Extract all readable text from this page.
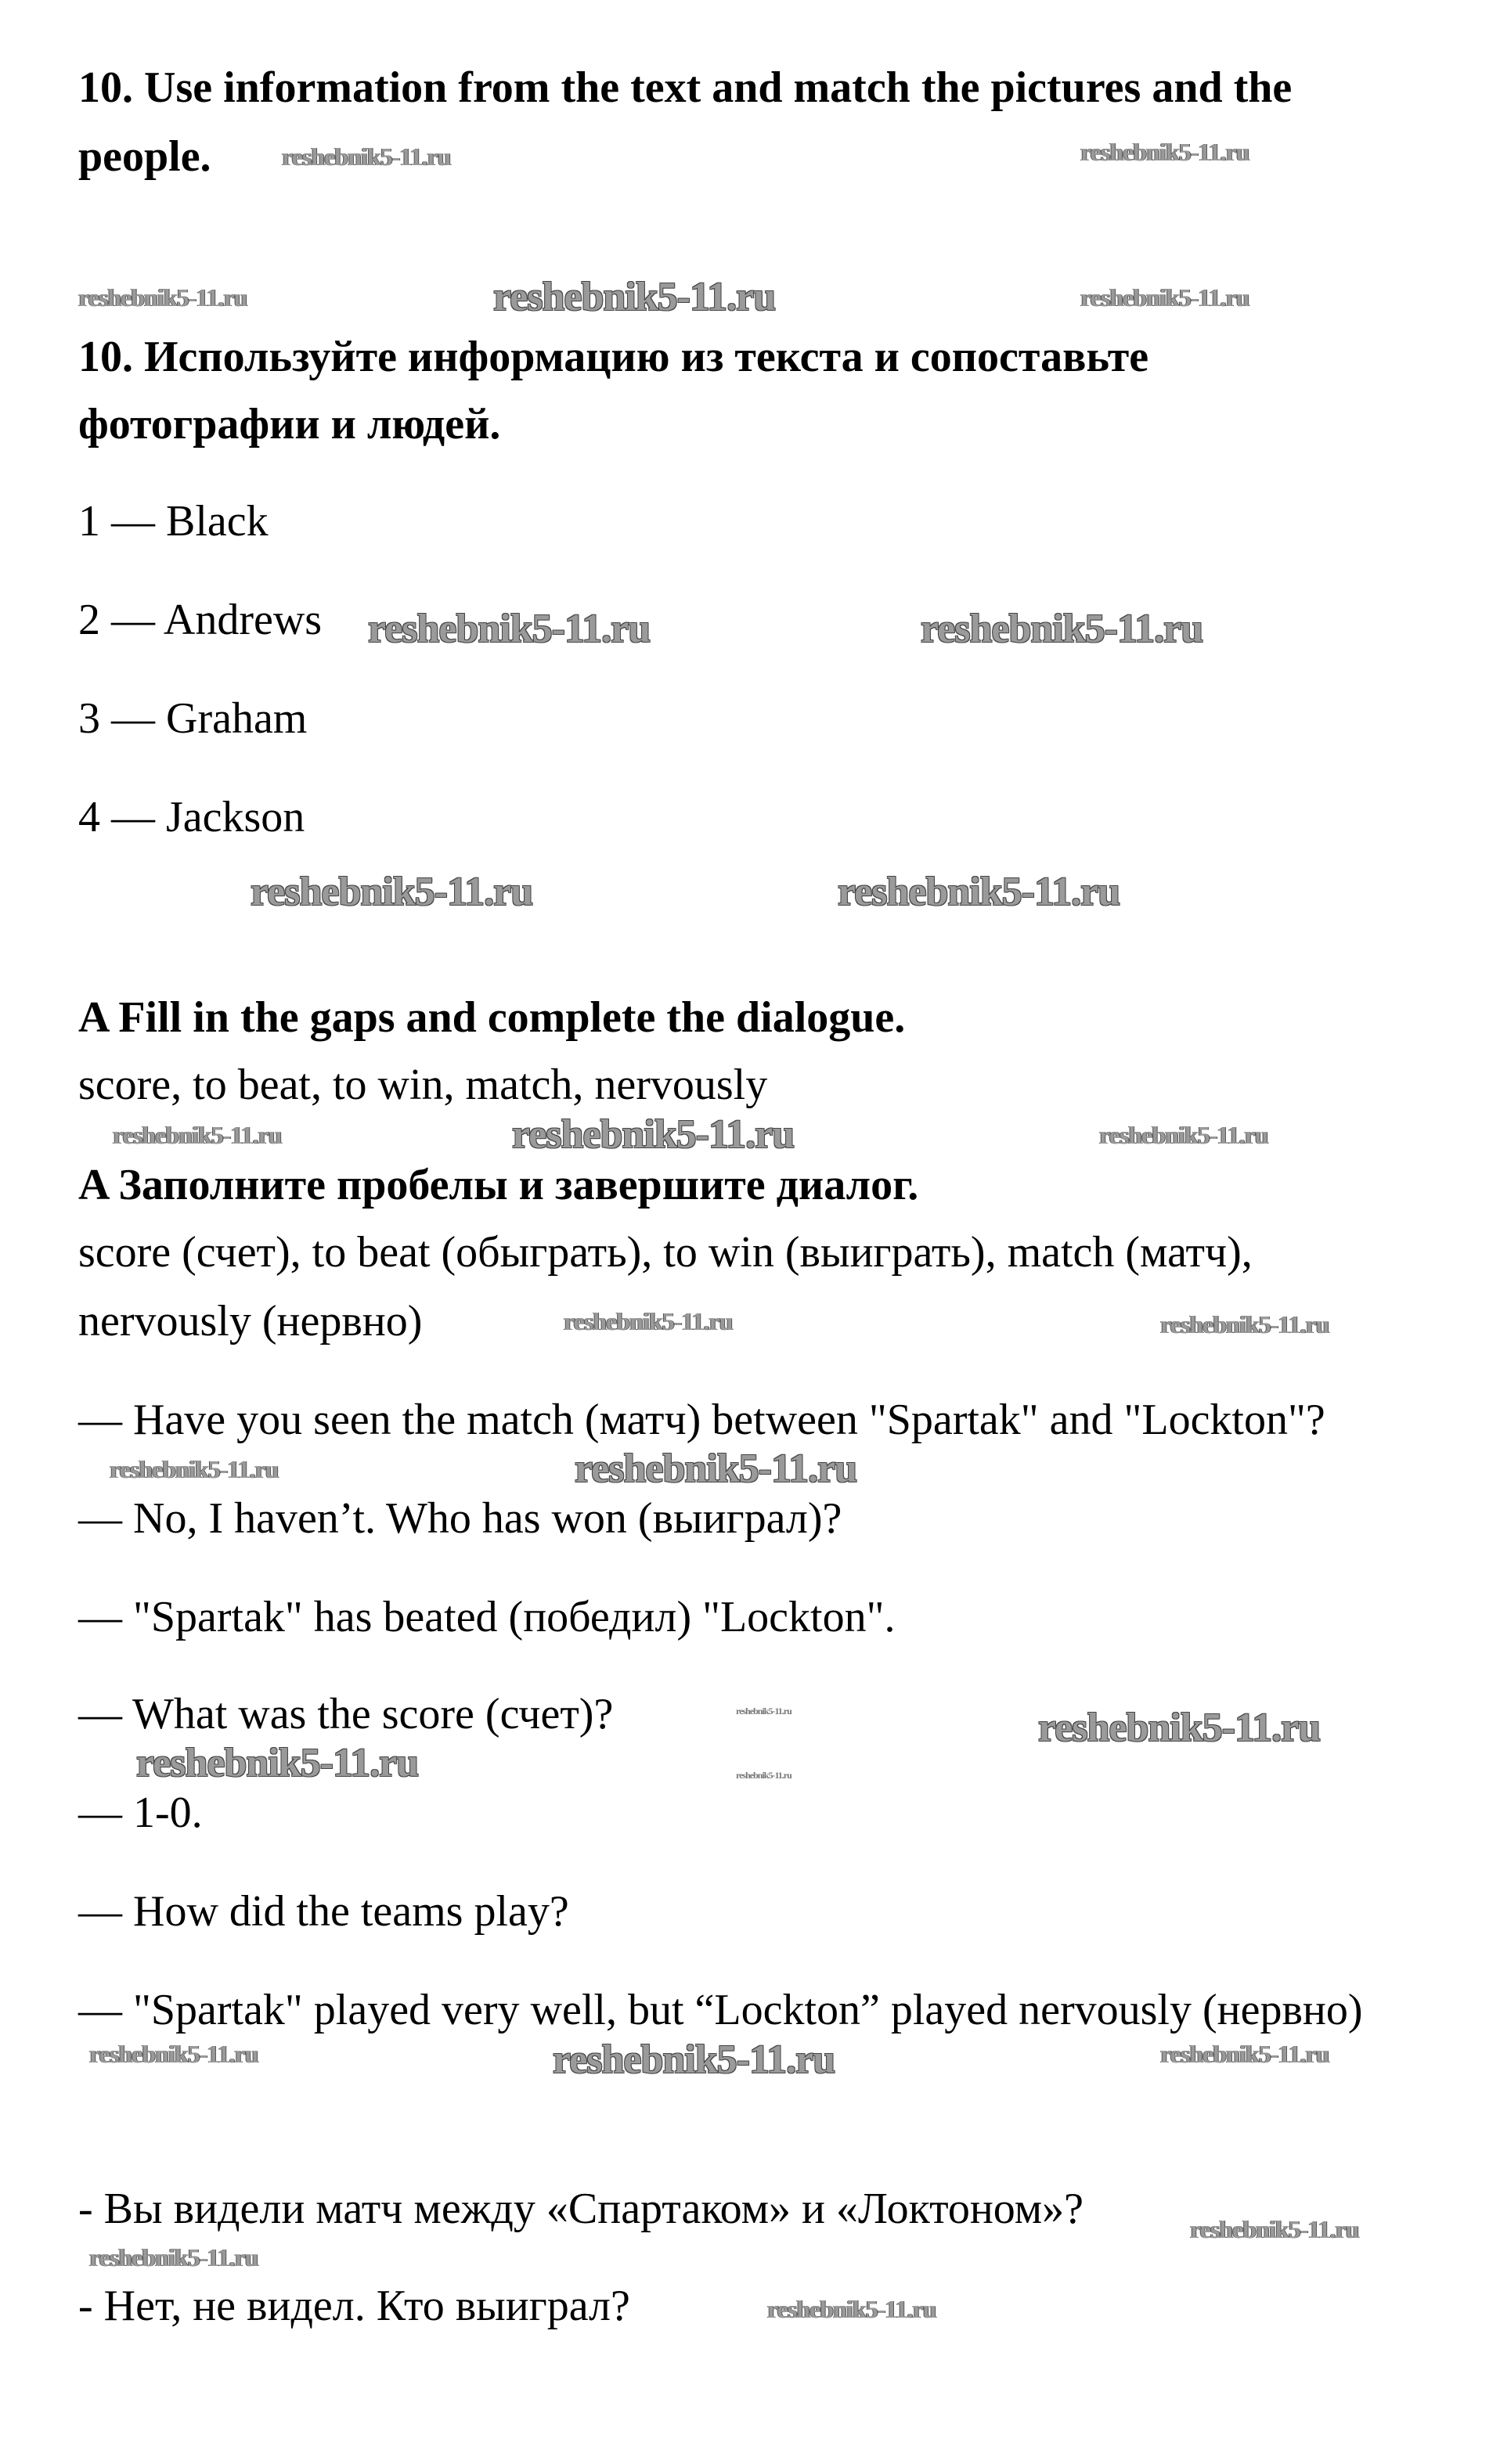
10. Use information from the text and match the pictures and the
people.
10. Используйте информацию из текста и сопоставьте
фотографии и людей.
1 — Black
2 — Andrews
3 — Graham
4 — Jackson
A Fill in the gaps and complete the dialogue.
score, to beat, to win, match, nervously
A Заполните пробелы и завершите диалог.
score (счет), to beat (обыграть), to win (выиграть), match (матч),
nervously (нервно)
— Have you seen the match (матч) between "Spartak" and "Lockton"?
— No, I haven’t. Who has won (выиграл)?
— "Spartak" has beated (победил) "Lockton".
— What was the score (счет)?
— 1-0.
— How did the teams play?
— "Spartak" played very well, but “Lockton” played nervously (нервно)
- Вы видели матч между «Спартаком» и «Локтоном»?
- Нет, не видел. Кто выиграл?
reshebnik5-11.ru	reshebnik5-11.ru
reshebnik5-11.ru	reshebnik5-11.ru
reshebnik5-11.ru
reshebnik5-11.ru	reshebnik5-11.ru
reshebnik5-11.ru	reshebnik5-11.ru
reshebnik5-11.ru	reshebnik5-11.ru	reshebnik5-11.ru
reshebnik5-11.ru	reshebnik5-11.ru
reshebnik5-11.ru	reshebnik5-11.ru
reshebnik5-11.ru
reshebnik5-11.ru
reshebnik5-11.ru
reshebnik5-11.ru
reshebnik5-11.ru	reshebnik5-11.ru	reshebnik5-11.ru
reshebnik5-11.ru
reshebnik5-11.ru
reshebnik5-11.ru
